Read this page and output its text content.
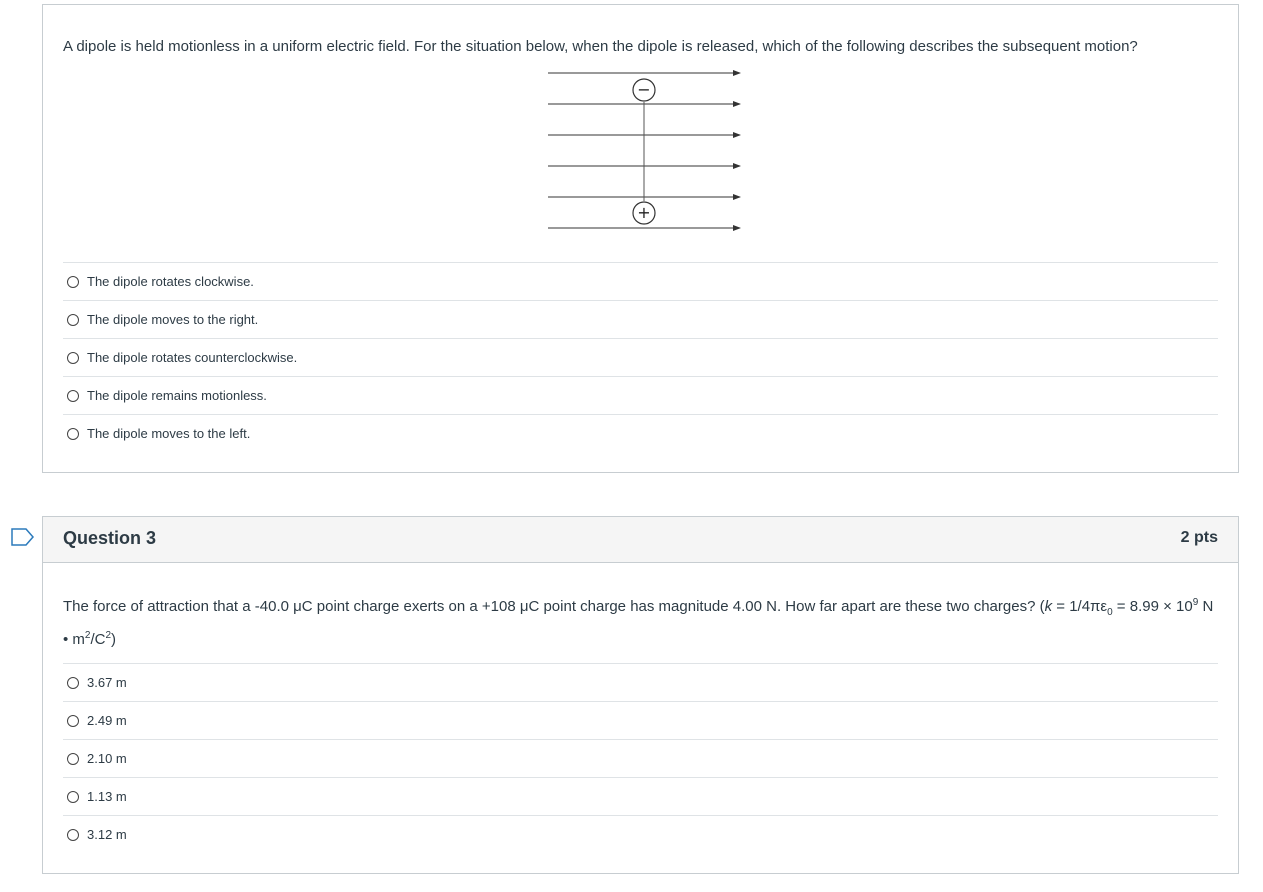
A dipole is held motionless in a uniform electric field. For the situation below, when the dipole is released, which of the following describes the subsequent motion?
−
+
The dipole rotates clockwise.
The dipole moves to the right.
The dipole rotates counterclockwise.
The dipole remains motionless.
The dipole moves to the left.
Question 3	2 pts
The force of attraction that a -40.0 μC point charge exerts on a +108 μC point charge has magnitude 4.00 N. How far apart are these two charges? ($k = 1/4\pi\varepsilon_0 = 8.99 \times 10^9$ N • $m^2/C^2$)
3.67 m
2.49 m
2.10 m
1.13 m
3.12 m
